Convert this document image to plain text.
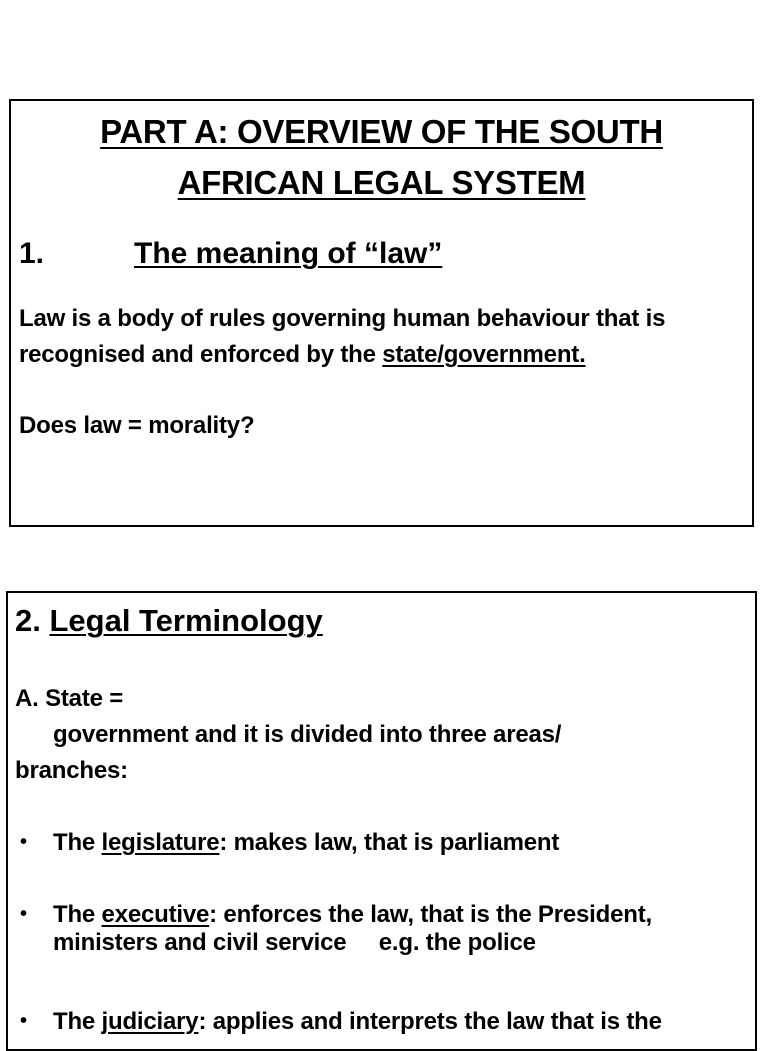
PART A: OVERVIEW OF THE SOUTH
AFRICAN LEGAL SYSTEM
1.	The meaning of “law”
Law is a body of rules governing human behaviour that is
recognised and enforced by the state/government.
Does law = morality?
2. Legal Terminology
A. State =
government and it is divided into three areas/
branches:
• The legislature: makes law, that is parliament
• The executive: enforces the law, that is the President,
ministers and civil service     e.g. the police
• The judiciary: applies and interprets the law that is the
